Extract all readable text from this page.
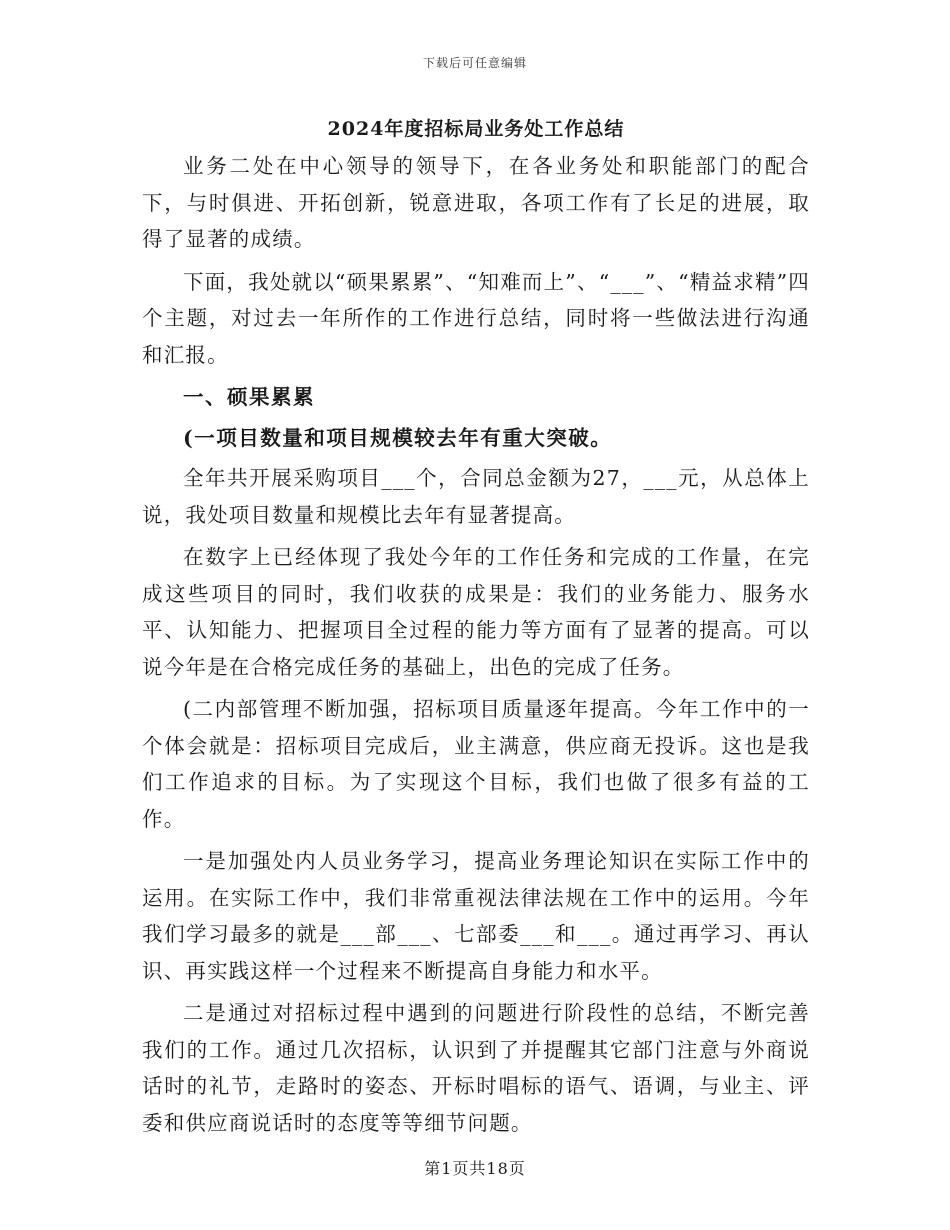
下载后可任意编辑
2024年度招标局业务处工作总结

业务二处在中心领导的领导下，在各业务处和职能部门的配合下，与时俱进、开拓创新，锐意进取，各项工作有了长足的进展，取得了显著的成绩。

下面，我处就以“硕果累累”、“知难而上”、“___”、“精益求精”四个主题，对过去一年所作的工作进行总结，同时将一些做法进行沟通和汇报。

一、硕果累累
(一项目数量和项目规模较去年有重大突破。

全年共开展采购项目___个，合同总金额为27，___元，从总体上说，我处项目数量和规模比去年有显著提高。

在数字上已经体现了我处今年的工作任务和完成的工作量，在完成这些项目的同时，我们收获的成果是：我们的业务能力、服务水平、认知能力、把握项目全过程的能力等方面有了显著的提高。可以说今年是在合格完成任务的基础上，出色的完成了任务。

(二内部管理不断加强，招标项目质量逐年提高。今年工作中的一个体会就是：招标项目完成后，业主满意，供应商无投诉。这也是我们工作追求的目标。为了实现这个目标，我们也做了很多有益的工作。

一是加强处内人员业务学习，提高业务理论知识在实际工作中的运用。在实际工作中，我们非常重视法律法规在工作中的运用。今年我们学习最多的就是___部___、七部委___和___。通过再学习、再认识、再实践这样一个过程来不断提高自身能力和水平。

二是通过对招标过程中遇到的问题进行阶段性的总结，不断完善我们的工作。通过几次招标，认识到了并提醒其它部门注意与外商说话时的礼节，走路时的姿态、开标时唱标的语气、语调，与业主、评委和供应商说话时的态度等等细节问题。

第1页共18页
